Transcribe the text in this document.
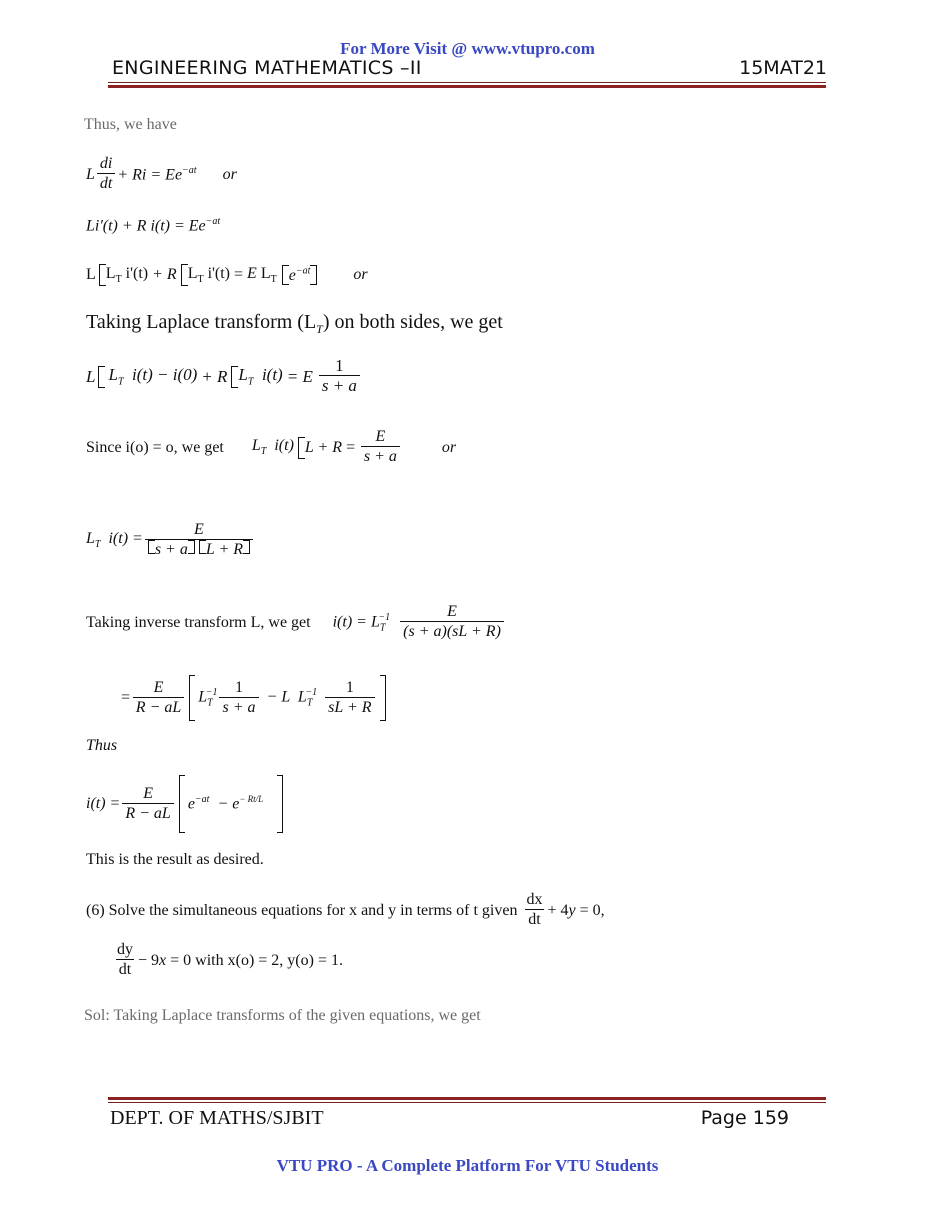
For More Visit @ www.vtupro.com
ENGINEERING MATHEMATICS –II	15MAT21
Thus, we have
L $\frac{di}{dt} + Ri = Ee^{-at}$ or
Li'(t) + R $i(t) = Ee^{-at}$
L $L_T$ i'(t) + R $L_T$ i'(t) = E $L_T$ $e^{-at}$	or
Taking Laplace transform $(L_T)$ on both sides, we get
L $L_T$  i(t) − i(0) + R $L_T$  i(t) = E $\frac{1}{s + a}$
Since i(o) = o, we get $L_T$  i(t) $L + R = \frac{E}{s + a}$	or
$L_T$  $i(t) = \frac{E}{\text{s + a L + R}}$
Taking inverse transform L, we get $i(t) = L_T^{-1} \frac{E}{(s + a)(sL + R)}$
= $\frac{E}{R - aL} L_T^{-1} \frac{1}{s + a} - L$  $L_T^{-1} \frac{1}{sL + R}$
Thus
$i(t) = \frac{E}{R - aL} e^{-at} - e^{- Rt/L}$
This is the result as desired.
(6) Solve the simultaneous equations for x and y in terms of t given $\frac{dx}{dt} + 4y = 0$,
$\frac{dy}{dt} - 9x = 0$ with x(o) = 2, y(o) = 1.
Sol: Taking Laplace transforms of the given equations, we get
DEPT. OF MATHS/SJBIT	Page 159
VTU PRO - A Complete Platform For VTU Students
